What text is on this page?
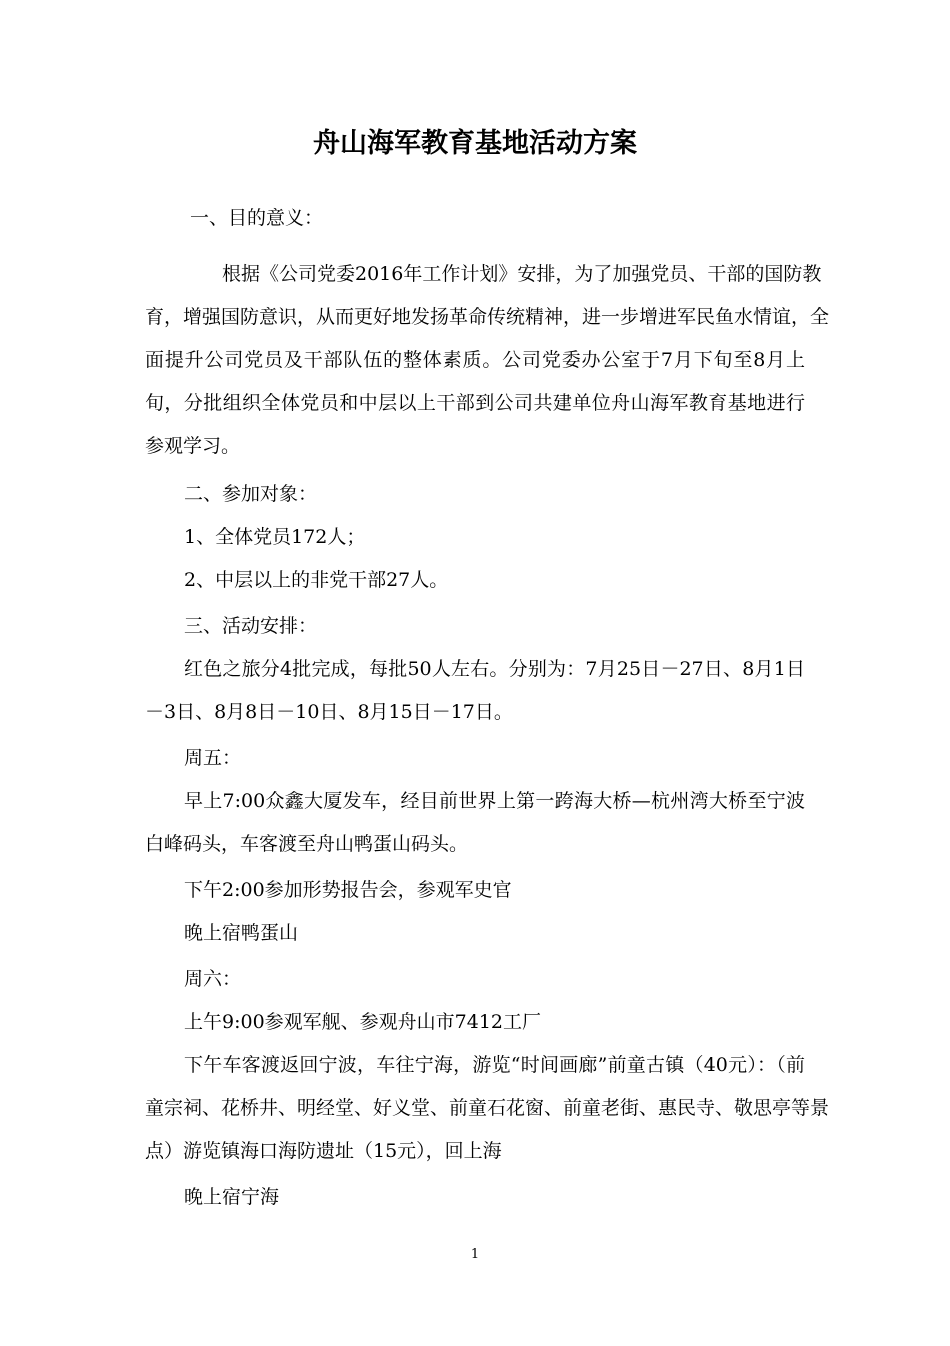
舟山海军教育基地活动方案
一、目的意义：
根据《公司党委2016年工作计划》安排，为了加强党员、干部的国防教
育，增强国防意识，从而更好地发扬革命传统精神，进一步增进军民鱼水情谊，全
面提升公司党员及干部队伍的整体素质。公司党委办公室于7月下旬至8月上
旬，分批组织全体党员和中层以上干部到公司共建单位舟山海军教育基地进行
参观学习。
二、参加对象：
1、全体党员172人；
2、中层以上的非党干部27人。
三、活动安排：
红色之旅分4批完成，每批50人左右。分别为：7月25日－27日、8月1日
－3日、8月8日－10日、8月15日－17日。
周五：
早上7:00众鑫大厦发车，经目前世界上第一跨海大桥—杭州湾大桥至宁波
白峰码头，车客渡至舟山鸭蛋山码头。
下午2:00参加形势报告会，参观军史官
晚上宿鸭蛋山
周六：
上午9:00参观军舰、参观舟山市7412工厂
下午车客渡返回宁波，车往宁海，游览“时间画廊”前童古镇（40元）：（前
童宗祠、花桥井、明经堂、好义堂、前童石花窗、前童老街、惠民寺、敬思亭等景
点）游览镇海口海防遗址（15元），回上海
晚上宿宁海
1
